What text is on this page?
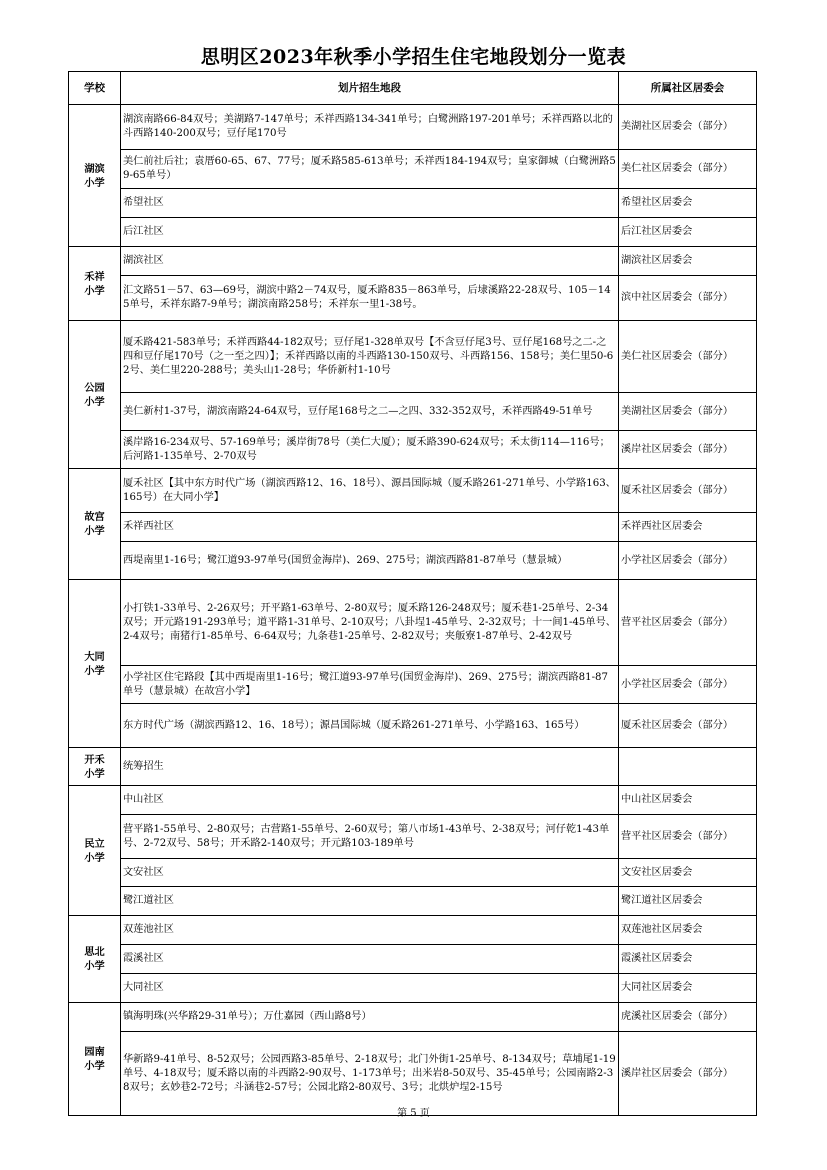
思明区2023年秋季小学招生住宅地段划分一览表
学校	划片招生地段	所属社区居委会
湖滨
小学	湖滨南路66-84双号；美湖路7-147单号；禾祥西路134-341单号；白鹭洲路197-201单号；禾祥西路以北的斗西路140-200双号；豆仔尾170号	美湖社区居委会（部分）
	美仁前社后社；袁厝60-65、67、77号；厦禾路585-613单号；禾祥西184-194双号；皇家御城（白鹭洲路59-65单号）	美仁社区居委会（部分）
	希望社区	希望社区居委会
	后江社区	后江社区居委会
禾祥
小学	湖滨社区	湖滨社区居委会
	汇文路51－57、63—69号，湖滨中路2－74双号，厦禾路835－863单号，后埭溪路22-28双号、105－145单号，禾祥东路7-9单号；湖滨南路258号；禾祥东一里1-38号。	滨中社区居委会（部分）
公园
小学	厦禾路421-583单号；禾祥西路44-182双号；豆仔尾1-328单双号【不含豆仔尾3号、豆仔尾168号之二-之四和豆仔尾170号（之一至之四）】；禾祥西路以南的斗西路130-150双号、斗西路156、158号；美仁里50-62号、美仁里220-288号；美头山1-28号；华侨新村1-10号	美仁社区居委会（部分）
	美仁新村1-37号，湖滨南路24-64双号，豆仔尾168号之二—之四、332-352双号，禾祥西路49-51单号	美湖社区居委会（部分）
	溪岸路16-234双号、57-169单号；溪岸街78号（美仁大厦）；厦禾路390-624双号；禾太街114—116号；后河路1-135单号、2-70双号	溪岸社区居委会（部分）
故宫
小学	厦禾社区【其中东方时代广场（湖滨西路12、16、18号）、源昌国际城（厦禾路261-271单号、小学路163、165号）在大同小学】	厦禾社区居委会（部分）
	禾祥西社区	禾祥西社区居委会
	西堤南里1-16号；鹭江道93-97单号(国贸金海岸)、269、275号；湖滨西路81-87单号（慧景城）	小学社区居委会（部分）
大同
小学	小打铁1-33单号、2-26双号；开平路1-63单号、2-80双号；厦禾路126-248双号；厦禾巷1-25单号、2-34双号；开元路191-293单号；道平路1-31单号、2-10双号；八卦埕1-45单号、2-32双号；十一间1-45单号、2-4双号；南猪行1-85单号、6-64双号；九条巷1-25单号、2-82双号；夹舨寮1-87单号、2-42双号	营平社区居委会（部分）
	小学社区住宅路段【其中西堤南里1-16号；鹭江道93-97单号(国贸金海岸)、269、275号；湖滨西路81-87单号（慧景城）在故宫小学】	小学社区居委会（部分）
	东方时代广场（湖滨西路12、16、18号）；源昌国际城（厦禾路261-271单号、小学路163、165号）	厦禾社区居委会（部分）
开禾
小学	统筹招生	
民立
小学	中山社区	中山社区居委会
	营平路1-55单号、2-80双号；古营路1-55单号、2-60双号；第八市场1-43单号、2-38双号；河仔乾1-43单号、2-72双号、58号；开禾路2-140双号；开元路103-189单号	营平社区居委会（部分）
	文安社区	文安社区居委会
	鹭江道社区	鹭江道社区居委会
思北
小学	双莲池社区	双莲池社区居委会
	霞溪社区	霞溪社区居委会
	大同社区	大同社区居委会
园南
小学	镇海明珠(兴华路29-31单号）；万仕嘉园（西山路8号）	虎溪社区居委会（部分）
	华新路9-41单号、8-52双号；公园西路3-85单号、2-18双号；北门外街1-25单号、8-134双号；草埔尾1-19单号、4-18双号；厦禾路以南的斗西路2-90双号、1-173单号；出米岩8-50双号、35-45单号；公园南路2-38双号；玄妙巷2-72号；斗涵巷2-57号；公园北路2-80双号、3号；北烘炉埕2-15号	溪岸社区居委会（部分）
第 5 页
